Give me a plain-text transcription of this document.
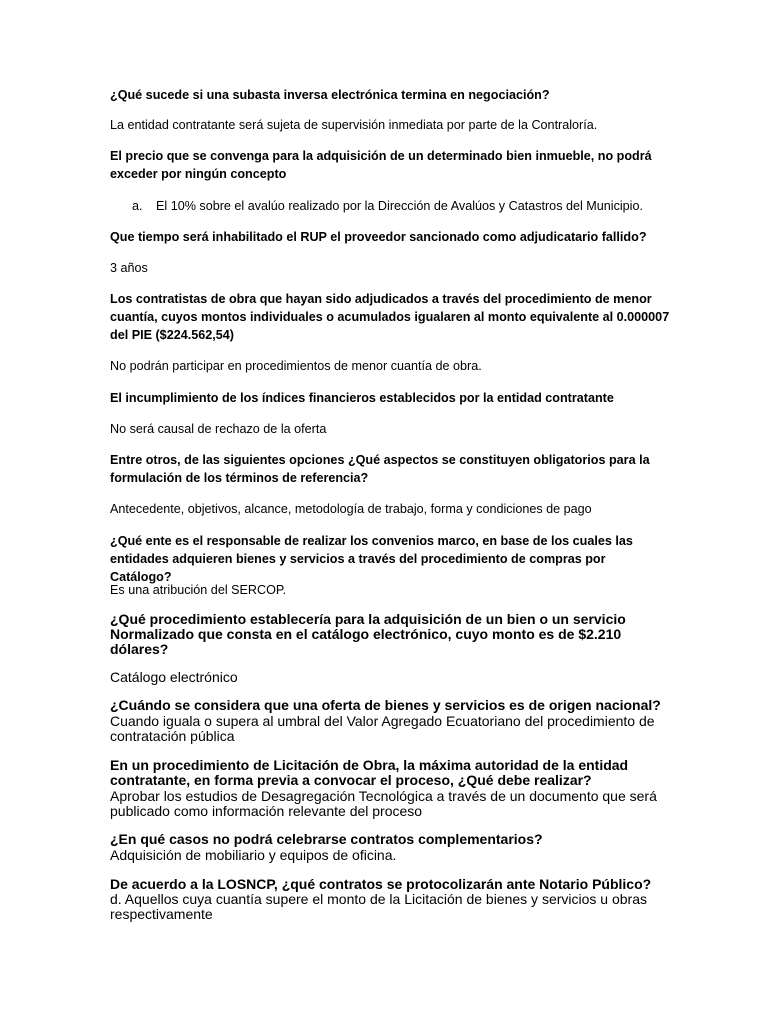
¿Qué sucede si una subasta inversa electrónica termina en negociación?

La entidad contratante será sujeta de supervisión inmediata por parte de la Contraloría.

El precio que se convenga para la adquisición de un determinado bien inmueble, no podrá exceder por ningún concepto

a. El 10% sobre el avalúo realizado por la Dirección de Avalúos y Catastros del Municipio.

Que tiempo será inhabilitado el RUP el proveedor sancionado como adjudicatario fallido?

3 años

Los contratistas de obra que hayan sido adjudicados a través del procedimiento de menor cuantía, cuyos montos individuales o acumulados igualaren al monto equivalente al 0.000007 del PIE ($224.562,54)

No podrán participar en procedimientos de menor cuantía de obra.

El incumplimiento de los índices financieros establecidos por la entidad contratante

No será causal de rechazo de la oferta

Entre otros, de las siguientes opciones ¿Qué aspectos se constituyen obligatorios para la formulación de los términos de referencia?

Antecedente, objetivos, alcance, metodología de trabajo, forma y condiciones de pago

¿Qué ente es el responsable de realizar los convenios marco, en base de los cuales las entidades adquieren bienes y servicios a través del procedimiento de compras por Catálogo?

Es una atribución del SERCOP.

¿Qué procedimiento establecería para la adquisición de un bien o un servicio Normalizado que consta en el catálogo electrónico, cuyo monto es de $2.210 dólares?

Catálogo electrónico

¿Cuándo se considera que una oferta de bienes y servicios es de origen nacional?

Cuando iguala o supera al umbral del Valor Agregado Ecuatoriano del procedimiento de contratación pública

En un procedimiento de Licitación de Obra, la máxima autoridad de la entidad contratante, en forma previa a convocar el proceso, ¿Qué debe realizar?

Aprobar los estudios de Desagregación Tecnológica a través de un documento que será publicado como información relevante del proceso

¿En qué casos no podrá celebrarse contratos complementarios?

Adquisición de mobiliario y equipos de oficina.

De acuerdo a la LOSNCP, ¿qué contratos se protocolizarán ante Notario Público?

d. Aquellos cuya cuantía supere el monto de la Licitación de bienes y servicios u obras respectivamente
